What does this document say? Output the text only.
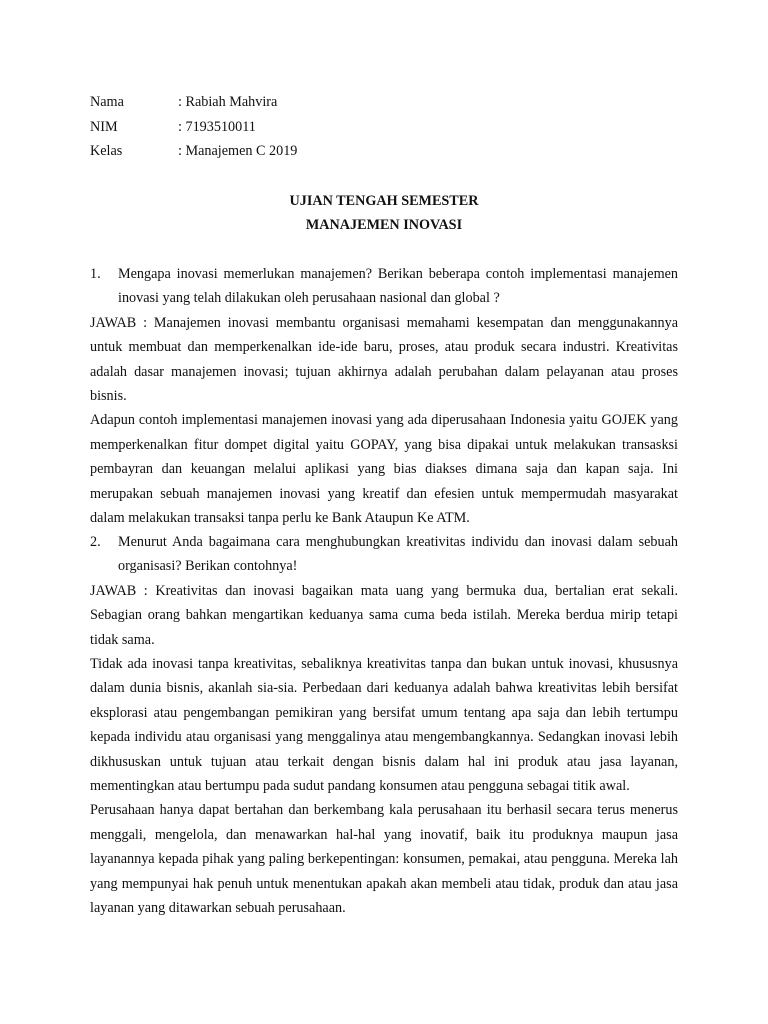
Nama	: Rabiah Mahvira
NIM	: 7193510011
Kelas	: Manajemen C 2019
UJIAN TENGAH SEMESTER
MANAJEMEN INOVASI
1.	Mengapa inovasi memerlukan manajemen? Berikan beberapa contoh implementasi manajemen inovasi yang telah dilakukan oleh perusahaan nasional dan global ?

JAWAB : Manajemen inovasi membantu organisasi memahami kesempatan dan menggunakannya untuk membuat dan memperkenalkan ide-ide baru, proses, atau produk secara industri. Kreativitas adalah dasar manajemen inovasi; tujuan akhirnya adalah perubahan dalam pelayanan atau proses bisnis.

Adapun contoh implementasi manajemen inovasi yang ada diperusahaan Indonesia yaitu GOJEK yang memperkenalkan fitur dompet digital yaitu GOPAY, yang bisa dipakai untuk melakukan transasksi pembayran dan keuangan melalui aplikasi yang bias diakses dimana saja dan kapan saja. Ini merupakan sebuah manajemen inovasi yang kreatif dan efesien untuk mempermudah masyarakat dalam melakukan transaksi tanpa perlu ke Bank Ataupun Ke ATM.

2.	Menurut Anda bagaimana cara menghubungkan kreativitas individu dan inovasi dalam sebuah organisasi? Berikan contohnya!

JAWAB : Kreativitas dan inovasi bagaikan mata uang yang bermuka dua, bertalian erat sekali. Sebagian orang bahkan mengartikan keduanya sama cuma beda istilah. Mereka berdua mirip tetapi tidak sama.

Tidak ada inovasi tanpa kreativitas, sebaliknya kreativitas tanpa dan bukan untuk inovasi, khususnya dalam dunia bisnis, akanlah sia-sia. Perbedaan dari keduanya adalah bahwa kreativitas lebih bersifat eksplorasi atau pengembangan pemikiran yang bersifat umum tentang apa saja dan lebih tertumpu kepada individu atau organisasi yang menggalinya atau mengembangkannya. Sedangkan inovasi lebih dikhususkan untuk tujuan atau terkait dengan bisnis dalam hal ini produk atau jasa layanan, mementingkan atau bertumpu pada sudut pandang konsumen atau pengguna sebagai titik awal.

Perusahaan hanya dapat bertahan dan berkembang kala perusahaan itu berhasil secara terus menerus menggali, mengelola, dan menawarkan hal-hal yang inovatif, baik itu produknya maupun jasa layanannya kepada pihak yang paling berkepentingan: konsumen, pemakai, atau pengguna. Mereka lah yang mempunyai hak penuh untuk menentukan apakah akan membeli atau tidak, produk dan atau jasa layanan yang ditawarkan sebuah perusahaan.
